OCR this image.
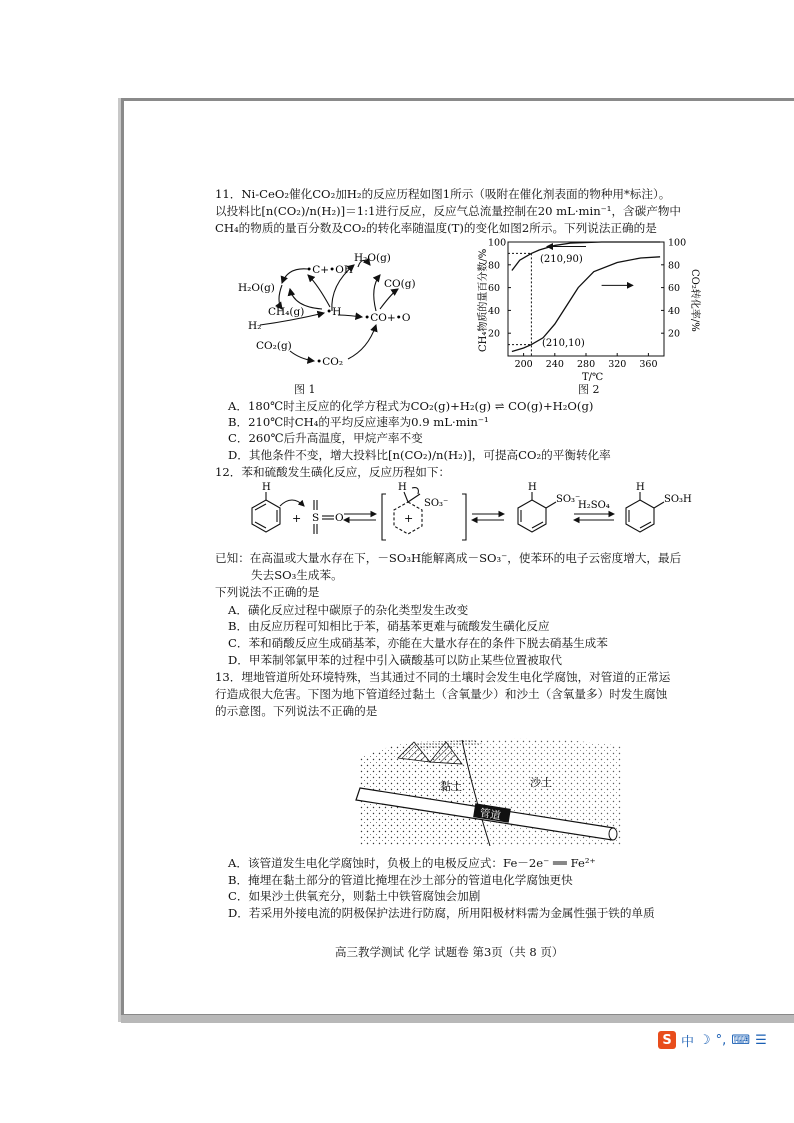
11．Ni-CeO₂催化CO₂加H₂的反应历程如图1所示（吸附在催化剂表面的物种用*标注）。
以投料比[n(CO₂)/n(H₂)]＝1:1进行反应，反应气总流量控制在20 mL·min⁻¹，含碳产物中
CH₄的物质的量百分数及CO₂的转化率随温度(T)的变化如图2所示。下列说法正确的是
H₂O(g)
H₂O(g)
•C+•OH
CO(g)
CH₄(g) •H •CO+•O
H₂
CO₂(g)
•CO₂
图 1
200 240 280 320 360
20
40
60
80
100
20
40
60
80
100
CH₄物质的量百分数/%	CO₂转化率/%
T/℃
(210,90)
(210,10)
图 2
A．180℃时主反应的化学方程式为CO₂(g)+H₂(g) ⇌ CO(g)+H₂O(g)
B．210℃时CH₄的平均反应速率为0.9 mL·min⁻¹
C．260℃后升高温度，甲烷产率不变
D．其他条件不变，增大投料比[n(CO₂)/n(H₂)]，可提高CO₂的平衡转化率
12．苯和硫酸发生磺化反应，反应历程如下：
H
+ S O
H
+
SO₃⁻
H
SO₃⁻
H₂SO₄
H
SO₃H
已知：在高温或大量水存在下，－SO₃H能解离成－SO₃⁻，使苯环的电子云密度增大，最后
失去SO₃生成苯。
下列说法不正确的是
A．磺化反应过程中碳原子的杂化类型发生改变
B．由反应历程可知相比于苯，硝基苯更难与硫酸发生磺化反应
C．苯和硝酸反应生成硝基苯，亦能在大量水存在的条件下脱去硝基生成苯
D．甲苯制邻氯甲苯的过程中引入磺酸基可以防止某些位置被取代
13．埋地管道所处环境特殊，当其通过不同的土壤时会发生电化学腐蚀，对管道的正常运
行造成很大危害。下图为地下管道经过黏土（含氧量少）和沙土（含氧量多）时发生腐蚀
的示意图。下列说法不正确的是
黏土	沙土
管道
A．该管道发生电化学腐蚀时，负极上的电极反应式：Fe－2e⁻ ══ Fe²⁺
B．掩埋在黏土部分的管道比掩埋在沙土部分的管道电化学腐蚀更快
C．如果沙土供氧充分，则黏土中铁管腐蚀会加剧
D．若采用外接电流的阴极保护法进行防腐，所用阳极材料需为金属性强于铁的单质
高三教学测试 化学 试题卷 第3页（共 8 页）
S 中 ☽ °, ⌨ ☰
